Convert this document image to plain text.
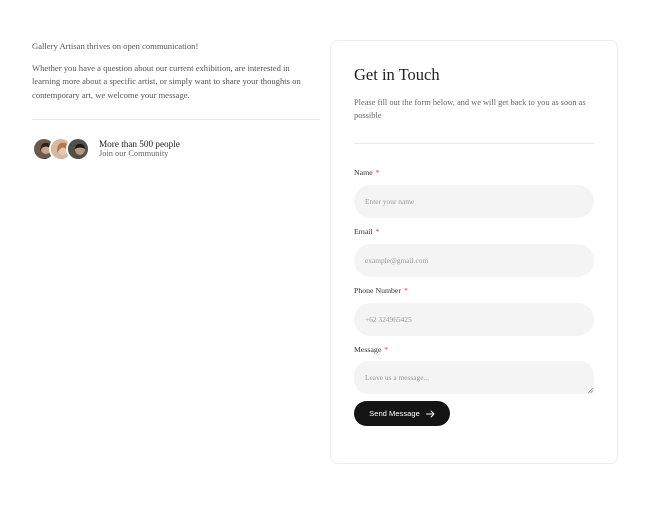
Gallery Artisan thrives on open communication!

Whether you have a question about our current exhibition, are interested in learning more about a specific artist, or simply want to share your thoughts on contemporary art, we welcome your message.

More than 500 people
Join our Community
Get in Touch

Please fill out the form below, and we will get back to you as soon as possible

Name *
Enter your name
Email *
example@gmail.com
Phone Number *
+62 324965425
Message *
Leave us a message...
Send Message
